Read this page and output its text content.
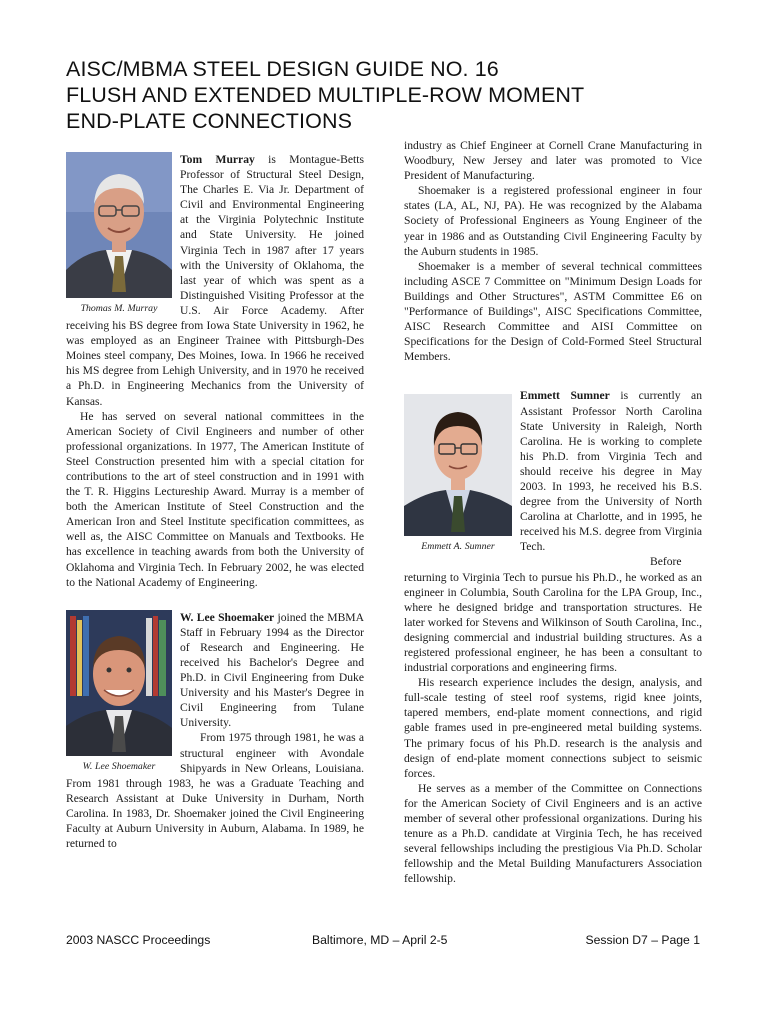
AISC/MBMA STEEL DESIGN GUIDE NO. 16
FLUSH AND EXTENDED MULTIPLE-ROW MOMENT
END-PLATE CONNECTIONS
Thomas M. Murray

Tom Murray is Montague-Betts Professor of Structural Steel Design, The Charles E. Via Jr. Department of Civil and Environmental Engineering at the Virginia Polytechnic Institute and State University. He joined Virginia Tech in 1987 after 17 years with the University of Oklahoma, the last year of which was spent as a Distinguished Visiting Professor at the U.S. Air Force Academy. After receiving his BS degree from Iowa State University in 1962, he was employed as an Engineer Trainee with Pittsburgh-Des Moines steel company, Des Moines, Iowa. In 1966 he received his MS degree from Lehigh University, and in 1970 he received a Ph.D. in Engineering Mechanics from the University of Kansas.

He has served on several national committees in the American Society of Civil Engineers and number of other professional organizations. In 1977, The American Institute of Steel Construction presented him with a special citation for contributions to the art of steel construction and in 1991 with the T. R. Higgins Lectureship Award. Murray is a member of both the American Institute of Steel Construction and the American Iron and Steel Institute specification committees, as well as, the AISC Committee on Manuals and Textbooks. He has excellence in teaching awards from both the University of Oklahoma and Virginia Tech. In February 2002, he was elected to the National Academy of Engineering.

W. Lee Shoemaker

W. Lee Shoemaker joined the MBMA Staff in February 1994 as the Director of Research and Engineering. He received his Bachelor's Degree and Ph.D. in Civil Engineering from Duke University and his Master's Degree in Civil Engineering from Tulane University.

From 1975 through 1981, he was a structural engineer with Avondale Shipyards in New Orleans, Louisiana. From 1981 through 1983, he was a Graduate Teaching and Research Assistant at Duke University in Durham, North Carolina. In 1983, Dr. Shoemaker joined the Civil Engineering Faculty at Auburn University in Auburn, Alabama. In 1989, he returned to

industry as Chief Engineer at Cornell Crane Manufacturing in Woodbury, New Jersey and later was promoted to Vice President of Manufacturing.

Shoemaker is a registered professional engineer in four states (LA, AL, NJ, PA). He was recognized by the Alabama Society of Professional Engineers as Young Engineer of the year in 1986 and as Outstanding Civil Engineering Faculty by the Auburn students in 1985.

Shoemaker is a member of several technical committees including ASCE 7 Committee on "Minimum Design Loads for Buildings and Other Structures", ASTM Committee E6 on "Performance of Buildings", AISC Specifications Committee, AISC Research Committee and AISI Committee on Specifications for the Design of Cold-Formed Steel Structural Members.

Emmett A. Sumner

Emmett Sumner is currently an Assistant Professor North Carolina State University in Raleigh, North Carolina. He is working to complete his Ph.D. from Virginia Tech and should receive his degree in May 2003. In 1993, he received his B.S. degree from the University of North Carolina at Charlotte, and in 1995, he received his M.S. degree from Virginia Tech.

Before returning to Virginia Tech to pursue his Ph.D., he worked as an engineer in Columbia, South Carolina for the LPA Group, Inc., where he designed bridge and transportation structures. He later worked for Stevens and Wilkinson of South Carolina, Inc., designing commercial and industrial building structures. As a registered professional engineer, he has been a consultant to industrial corporations and engineering firms.

His research experience includes the design, analysis, and full-scale testing of steel roof systems, rigid knee joints, tapered members, end-plate moment connections, and rigid gable frames used in pre-engineered metal building systems. The primary focus of his Ph.D. research is the analysis and design of end-plate moment connections subject to seismic forces.

He serves as a member of the Committee on Connections for the American Society of Civil Engineers and is an active member of several other professional organizations. During his tenure as a Ph.D. candidate at Virginia Tech, he has received several fellowships including the prestigious Via Ph.D. Scholar fellowship and the Metal Building Manufacturers Association fellowship.

2003 NASCC Proceedings	Baltimore, MD – April 2-5	Session D7 – Page 1
